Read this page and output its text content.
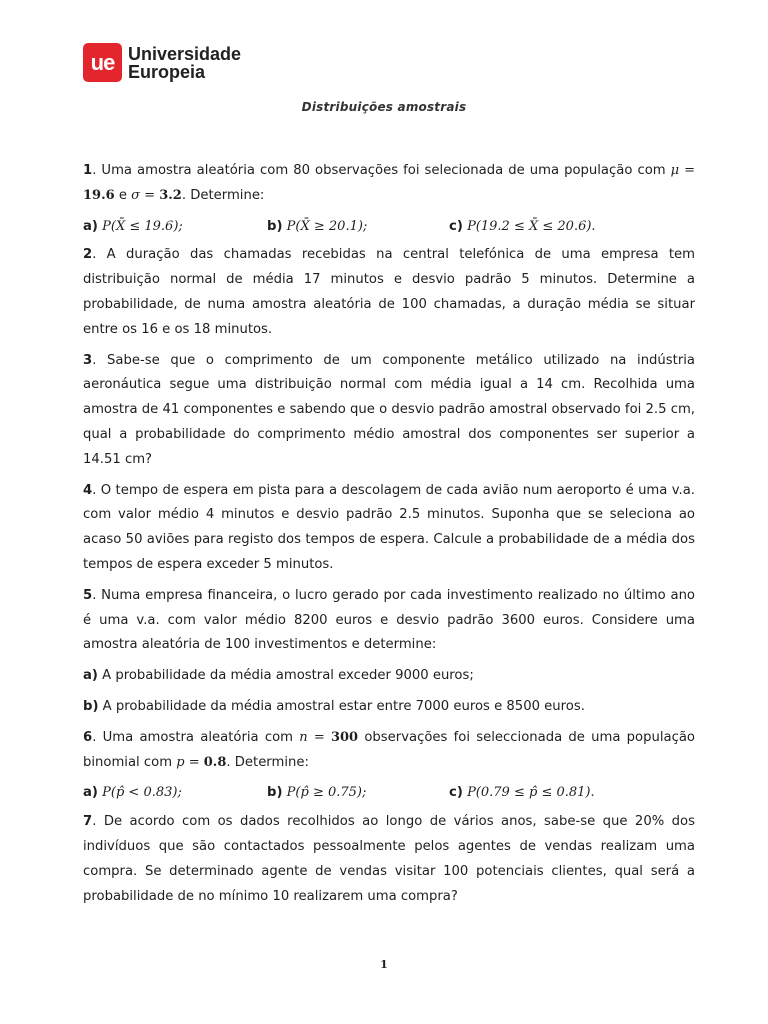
ue Universidade
Europeia
Distribuições amostrais

1. Uma amostra aleatória com 80 observações foi selecionada de uma população com μ = 19.6 e σ = 3.2. Determine:

a) P(X̄ ≤ 19.6);	b) P(X̄ ≥ 20.1);	c) P(19.2 ≤ X̄ ≤ 20.6).

2. A duração das chamadas recebidas na central telefónica de uma empresa tem distribuição normal de média 17 minutos e desvio padrão 5 minutos. Determine a probabilidade, de numa amostra aleatória de 100 chamadas, a duração média se situar entre os 16 e os 18 minutos.

3. Sabe-se que o comprimento de um componente metálico utilizado na indústria aeronáutica segue uma distribuição normal com média igual a 14 cm. Recolhida uma amostra de 41 componentes e sabendo que o desvio padrão amostral observado foi 2.5 cm, qual a probabilidade do comprimento médio amostral dos componentes ser superior a 14.51 cm?

4. O tempo de espera em pista para a descolagem de cada avião num aeroporto é uma v.a. com valor médio 4 minutos e desvio padrão 2.5 minutos. Suponha que se seleciona ao acaso 50 aviões para registo dos tempos de espera. Calcule a probabilidade de a média dos tempos de espera exceder 5 minutos.

5. Numa empresa financeira, o lucro gerado por cada investimento realizado no último ano é uma v.a. com valor médio 8200 euros e desvio padrão 3600 euros. Considere uma amostra aleatória de 100 investimentos e determine:

a) A probabilidade da média amostral exceder 9000 euros;

b) A probabilidade da média amostral estar entre 7000 euros e 8500 euros.

6. Uma amostra aleatória com n = 300 observações foi seleccionada de uma população binomial com p = 0.8. Determine:

a) P(p̂ < 0.83);	b) P(p̂ ≥ 0.75);	c) P(0.79 ≤ p̂ ≤ 0.81).

7. De acordo com os dados recolhidos ao longo de vários anos, sabe-se que 20% dos indivíduos que são contactados pessoalmente pelos agentes de vendas realizam uma compra. Se determinado agente de vendas visitar 100 potenciais clientes, qual será a probabilidade de no mínimo 10 realizarem uma compra?

1
